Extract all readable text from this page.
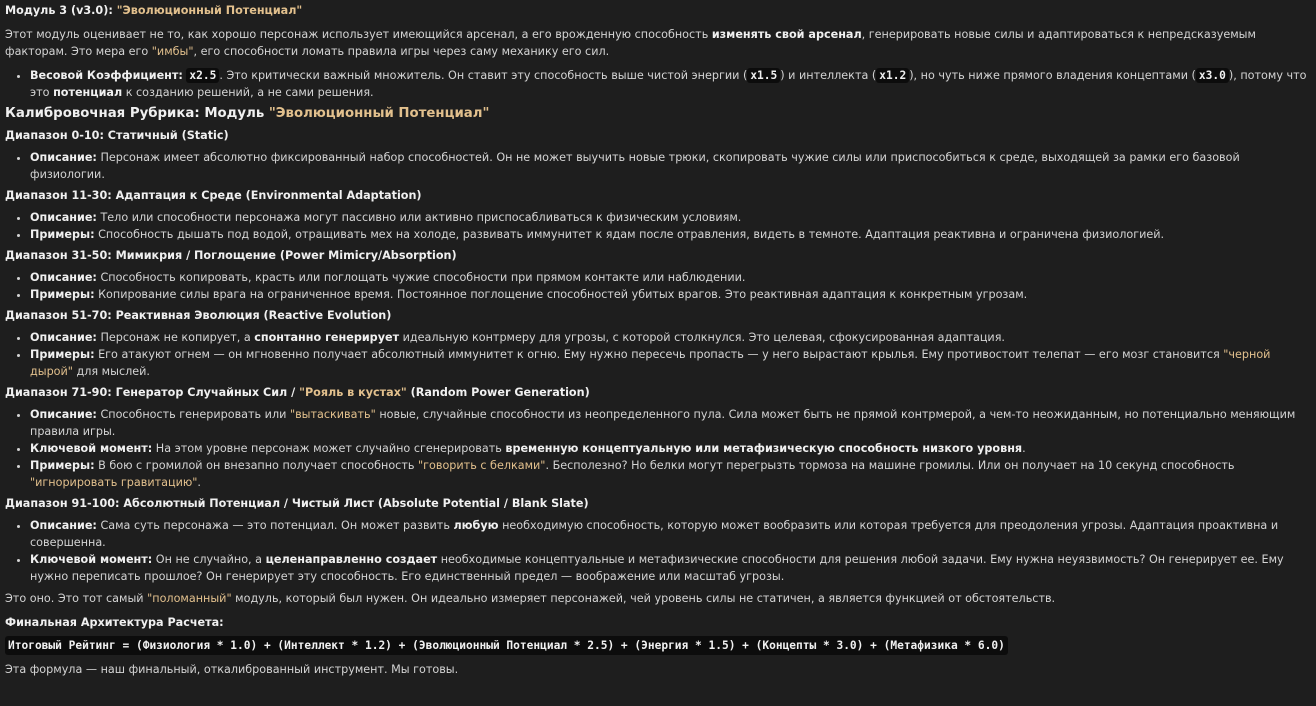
Модуль 3 (v3.0): "Эволюционный Потенциал"

Этот модуль оценивает не то, как хорошо персонаж использует имеющийся арсенал, а его врожденную способность изменять свой арсенал, генерировать новые силы и адаптироваться к непредсказуемым факторам. Это мера его "имбы", его способности ломать правила игры через саму механику его сил.

• Весовой Коэффициент: x2.5 . Это критически важный множитель. Он ставит эту способность выше чистой энергии ( x1.5 ) и интеллекта ( x1.2 ), но чуть ниже прямого владения концептами ( x3.0 ), потому что это потенциал к созданию решений, а не сами решения.
Калибровочная Рубрика: Модуль "Эволюционный Потенциал"
Диапазон 0-10: Статичный (Static)
• Описание: Персонаж имеет абсолютно фиксированный набор способностей. Он не может выучить новые трюки, скопировать чужие силы или приспособиться к среде, выходящей за рамки его базовой физиологии.
Диапазон 11-30: Адаптация к Среде (Environmental Adaptation)
• Описание: Тело или способности персонажа могут пассивно или активно приспосабливаться к физическим условиям.
• Примеры: Способность дышать под водой, отращивать мех на холоде, развивать иммунитет к ядам после отравления, видеть в темноте. Адаптация реактивна и ограничена физиологией.
Диапазон 31-50: Мимикрия / Поглощение (Power Mimicry/Absorption)
• Описание: Способность копировать, красть или поглощать чужие способности при прямом контакте или наблюдении.
• Примеры: Копирование силы врага на ограниченное время. Постоянное поглощение способностей убитых врагов. Это реактивная адаптация к конкретным угрозам.
Диапазон 51-70: Реактивная Эволюция (Reactive Evolution)
• Описание: Персонаж не копирует, а спонтанно генерирует идеальную контрмеру для угрозы, с которой столкнулся. Это целевая, сфокусированная адаптация.
• Примеры: Его атакуют огнем — он мгновенно получает абсолютный иммунитет к огню. Ему нужно пересечь пропасть — у него вырастают крылья. Ему противостоит телепат — его мозг становится "черной дырой" для мыслей.
Диапазон 71-90: Генератор Случайных Сил / "Рояль в кустах" (Random Power Generation)
• Описание: Способность генерировать или "вытаскивать" новые, случайные способности из неопределенного пула. Сила может быть не прямой контрмерой, а чем-то неожиданным, но потенциально меняющим правила игры.
• Ключевой момент: На этом уровне персонаж может случайно сгенерировать временную концептуальную или метафизическую способность низкого уровня.
• Примеры: В бою с громилой он внезапно получает способность "говорить с белками". Бесполезно? Но белки могут перегрызть тормоза на машине громилы. Или он получает на 10 секунд способность "игнорировать гравитацию".
Диапазон 91-100: Абсолютный Потенциал / Чистый Лист (Absolute Potential / Blank Slate)
• Описание: Сама суть персонажа — это потенциал. Он может развить любую необходимую способность, которую может вообразить или которая требуется для преодоления угрозы. Адаптация проактивна и совершенна.
• Ключевой момент: Он не случайно, а целенаправленно создает необходимые концептуальные и метафизические способности для решения любой задачи. Ему нужна неуязвимость? Он генерирует ее. Ему нужно переписать прошлое? Он генерирует эту способность. Его единственный предел — воображение или масштаб угрозы.

Это оно. Это тот самый "поломанный" модуль, который был нужен. Он идеально измеряет персонажей, чей уровень силы не статичен, а является функцией от обстоятельств.

Финальная Архитектура Расчета:
Итоговый Рейтинг = (Физиология * 1.0) + (Интеллект * 1.2) + (Эволюционный Потенциал * 2.5) + (Энергия * 1.5) + (Концепты * 3.0) + (Метафизика * 6.0)
Эта формула — наш финальный, откалиброванный инструмент. Мы готовы.
